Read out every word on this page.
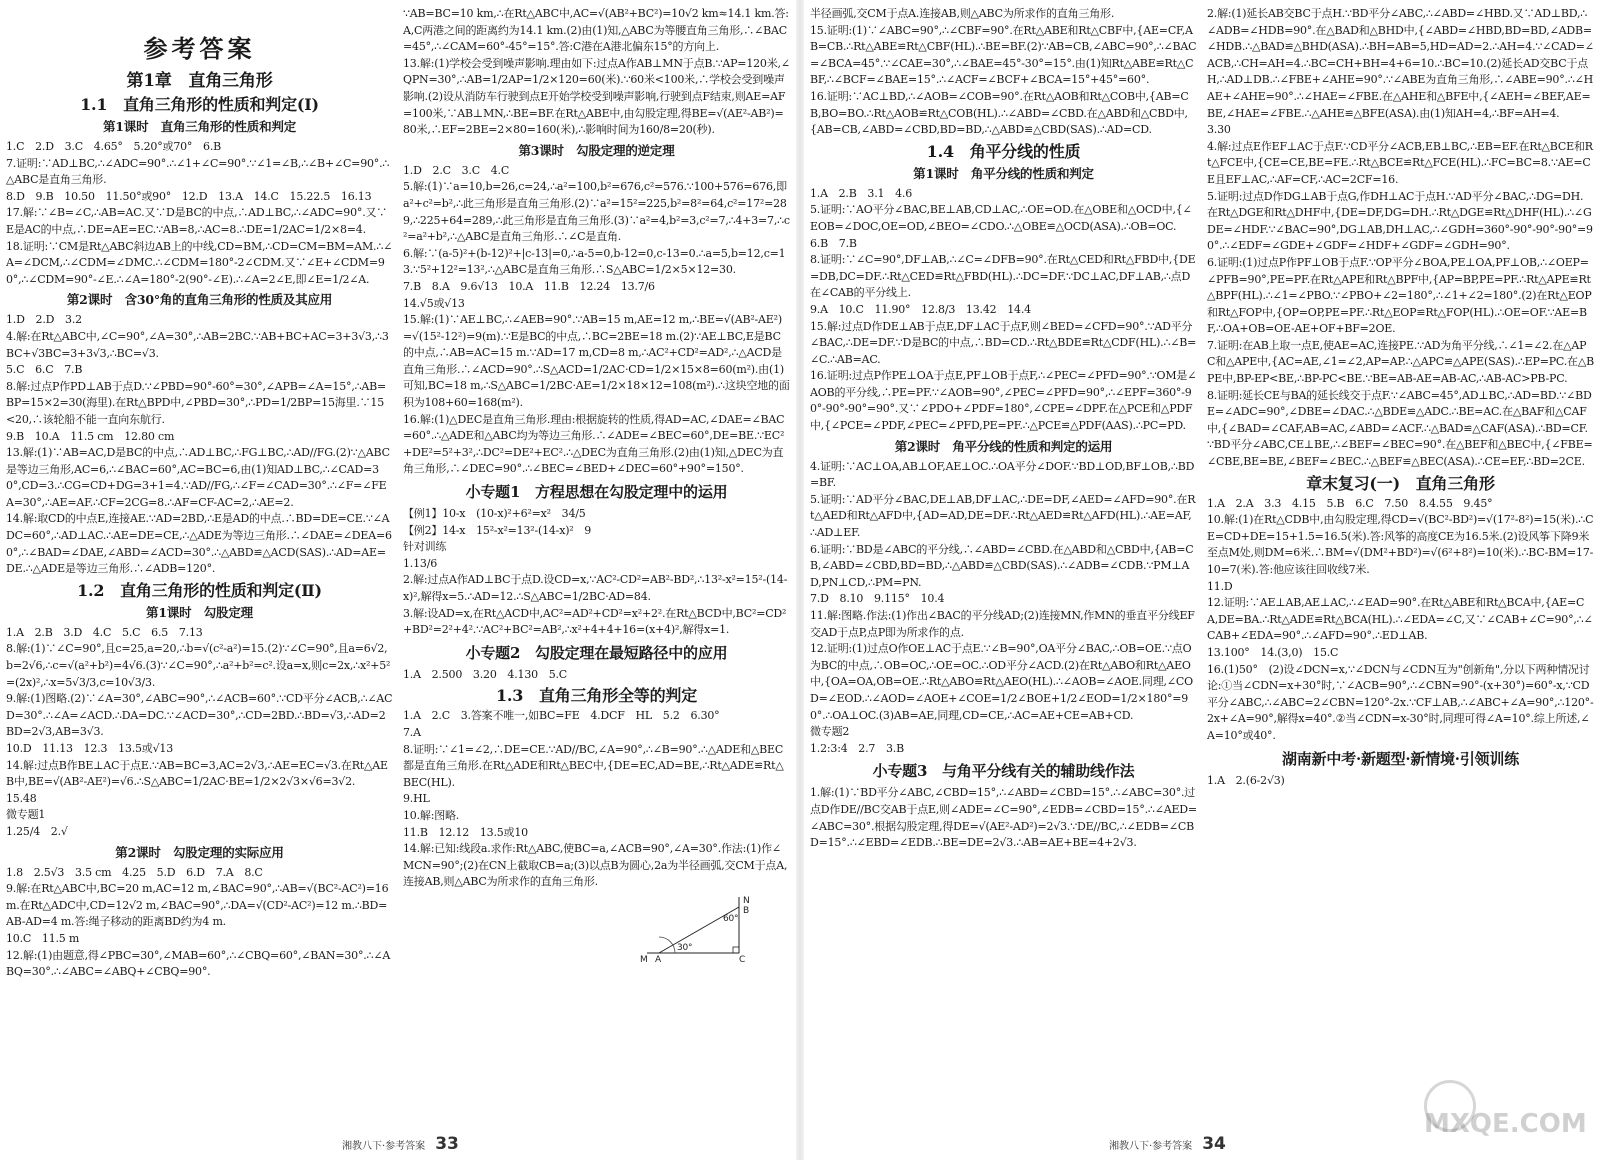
参考答案
第1章　直角三角形
1.1　直角三角形的性质和判定(Ⅰ)
第1课时　直角三角形的性质和判定

1.C　2.D　3.C　4.65°　5.20°或70°　6.B

7.证明:∵AD⊥BC,∴∠ADC=90°.∴∠1+∠C=90°.∵∠1=∠B,∴∠B+∠C=90°.∴△ABC是直角三角形.

8.D　9.B　10.50　11.50°或90°　12.D　13.A　14.C　15.22.5　16.13

17.解:∵∠B=∠C,∴AB=AC.又∵D是BC的中点,∴AD⊥BC,∴∠ADC=90°.又∵E是AC的中点,∴DE=AE=EC.∵AB=8,∴AC=8.∴DE=1/2AC=1/2×8=4.

18.证明:∵CM是Rt△ABC斜边AB上的中线,CD=BM,∴CD=CM=BM=AM.∴∠A=∠DCM,∴∠CDM=∠DMC.∴∠CDM=180°-2∠CDM.又∵∠E+∠CDM=90°,∴∠CDM=90°-∠E.∴∠A=180°-2(90°-∠E).∴∠A=2∠E,即∠E=1/2∠A.

第2课时　含30°角的直角三角形的性质及其应用

1.D　2.D　3.2

4.解:在Rt△ABC中,∠C=90°,∠A=30°,∴AB=2BC.∵AB+BC+AC=3+3√3,∴3BC+√3BC=3+3√3,∴BC=√3.

5.C　6.C　7.B

8.解:过点P作PD⊥AB于点D.∵∠PBD=90°-60°=30°,∠APB=∠A=15°,∴AB=BP=15×2=30(海里).在Rt△BPD中,∠PBD=30°,∴PD=1/2BP=15海里.∵15<20,∴该轮船不能一直向东航行.

9.B　10.A　11.5 cm　12.80 cm

13.解:(1)∵AB=AC,D是BC的中点,∴AD⊥BC,∴FG⊥BC,∴AD//FG.(2)∵△ABC是等边三角形,AC=6,∴∠BAC=60°,AC=BC=6,由(1)知AD⊥BC,∴∠CAD=30°,CD=3.∴CG=CD+DG=3+1=4.∵AD//FG,∴∠F=∠CAD=30°.∴∠F=∠FEA=30°,∴AE=AF.∴CF=2CG=8.∴AF=CF-AC=2,∴AE=2.

14.解:取CD的中点E,连接AE.∵AD=2BD,∴E是AD的中点.∴BD=DE=CE.∵∠ADC=60°,∴AD⊥AC.∴AE=DE=CE,∴△ADE为等边三角形.∴∠DAE=∠DEA=60°,∴∠BAD=∠DAE,∠ABD=∠ACD=30°.∴△ABD≌△ACD(SAS).∴AD=AE=DE.∴△ADE是等边三角形.∴∠ADB=120°.

1.2　直角三角形的性质和判定(Ⅱ)
第1课时　勾股定理

1.A　2.B　3.D　4.C　5.C　6.5　7.13

8.解:(1)∵∠C=90°,且c=25,a=20,∴b=√(c²-a²)=15.(2)∵∠C=90°,且a=6√2,b=2√6,∴c=√(a²+b²)=4√6.(3)∵∠C=90°,∴a²+b²=c².设a=x,则c=2x,∴x²+5²=(2x)²,∴x=5√3/3,c=10√3/3.

9.解:(1)图略.(2)∵∠A=30°,∠ABC=90°,∴∠ACB=60°.∵CD平分∠ACB,∴∠ACD=30°.∴∠A=∠ACD.∴DA=DC.∵∠ACD=30°,∴CD=2BD.∴BD=√3,∴AD=2BD=2√3,AB=3√3.

10.D　11.13　12.3　13.5或√13

14.解:过点B作BE⊥AC于点E.∵AB=BC=3,AC=2√3,∴AE=EC=√3.在Rt△AEB中,BE=√(AB²-AE²)=√6.∴S△ABC=1/2AC·BE=1/2×2√3×√6=3√2.

15.48

微专题1

1.25/4　2.√

第2课时　勾股定理的实际应用

1.8　2.5√3　3.5 cm　4.25　5.D　6.D　7.A　8.C

9.解:在Rt△ABC中,BC=20 m,AC=12 m,∠BAC=90°,∴AB=√(BC²-AC²)=16 m.在Rt△ADC中,CD=12√2 m,∠BAC=90°,∴DA=√(CD²-AC²)=12 m.∴BD=AB-AD=4 m.答:绳子移动的距离BD约为4 m.

10.C　11.5 m

12.解:(1)由题意,得∠PBC=30°,∠MAB=60°,∴∠CBQ=60°,∠BAN=30°.∴∠ABQ=30°.∴∠ABC=∠ABQ+∠CBQ=90°.

∵AB=BC=10 km,∴在Rt△ABC中,AC=√(AB²+BC²)=10√2 km≈14.1 km.答:A,C两港之间的距离约为14.1 km.(2)由(1)知,△ABC为等腰直角三角形,∴∠BAC=45°,∴∠CAM=60°-45°=15°.答:C港在A港北偏东15°的方向上.

13.解:(1)学校会受到噪声影响.理由如下:过点A作AB⊥MN于点B.∵AP=120米,∠QPN=30°,∴AB=1/2AP=1/2×120=60(米).∵60米<100米,∴学校会受到噪声影响.(2)设从消防车行驶到点E开始学校受到噪声影响,行驶到点F结束,则AE=AF=100米,∵AB⊥MN,∴BE=BF.在Rt△ABE中,由勾股定理,得BE=√(AE²-AB²)=80米,∴EF=2BE=2×80=160(米),∴影响时间为160/8=20(秒).

第3课时　勾股定理的逆定理

1.D　2.C　3.C　4.C

5.解:(1)∵a=10,b=26,c=24,∴a²=100,b²=676,c²=576.∵100+576=676,即a²+c²=b²,∴此三角形是直角三角形.(2)∵a²=15²=225,b²=8²=64,c²=17²=289,∴225+64=289,∴此三角形是直角三角形.(3)∵a²=4,b²=3,c²=7,∴4+3=7,∴c²=a²+b²,∴△ABC是直角三角形.∴∠C是直角.

6.解:∵(a-5)²+(b-12)²+|c-13|=0,∴a-5=0,b-12=0,c-13=0.∴a=5,b=12,c=13.∵5²+12²=13²,∴△ABC是直角三角形.∴S△ABC=1/2×5×12=30.

7.B　8.A　9.6√13　10.A　11.B　12.24　13.7/6

14.√5或√13

15.解:(1)∵AE⊥BC,∴∠AEB=90°.∵AB=15 m,AE=12 m,∴BE=√(AB²-AE²)=√(15²-12²)=9(m).∵E是BC的中点,∴BC=2BE=18 m.(2)∵AE⊥BC,E是BC的中点,∴AB=AC=15 m.∵AD=17 m,CD=8 m,∴AC²+CD²=AD²,∴△ACD是直角三角形.∴∠ACD=90°.∴S△ACD=1/2AC·CD=1/2×15×8=60(m²).由(1)可知,BC=18 m,∴S△ABC=1/2BC·AE=1/2×18×12=108(m²).∴这块空地的面积为108+60=168(m²).

16.解:(1)△DEC是直角三角形.理由:根据旋转的性质,得AD=AC,∠DAE=∠BAC=60°.∴△ADE和△ABC均为等边三角形.∴∠ADE=∠BEC=60°,DE=BE.∵EC²+DE²=5²+3²,∴DC²=DE²+EC².∴△DEC为直角三角形.(2)由(1)知,△DEC为直角三角形,∴∠DEC=90°.∴∠BEC=∠BED+∠DEC=60°+90°=150°.

小专题1　方程思想在勾股定理中的运用

【例1】10-x　(10-x)²+6²=x²　34/5

【例2】14-x　15²-x²=13²-(14-x)²　9

针对训练

1.13/6

2.解:过点A作AD⊥BC于点D.设CD=x,∵AC²-CD²=AB²-BD²,∴13²-x²=15²-(14-x)²,解得x=5.∴AD=12.∴S△ABC=1/2BC·AD=84.

3.解:设AD=x,在Rt△ACD中,AC²=AD²+CD²=x²+2².在Rt△BCD中,BC²=CD²+BD²=2²+4².∵AC²+BC²=AB²,∴x²+4+4+16=(x+4)²,解得x=1.

小专题2　勾股定理在最短路径中的应用

1.A　2.500　3.20　4.130　5.C

1.3　直角三角形全等的判定

1.A　2.C　3.答案不唯一,如BC=FE　4.DCF　HL　5.2　6.30°

7.A

8.证明:∵∠1=∠2,∴DE=CE.∵AD//BC,∠A=90°,∴∠B=90°.∴△ADE和△BEC都是直角三角形.在Rt△ADE和Rt△BEC中,{DE=EC,AD=BE,∴Rt△ADE≌Rt△BEC(HL).

9.HL

10.解:图略.

11.B　12.12　13.5或10

14.解:已知:线段a.求作:Rt△ABC,使BC=a,∠ACB=90°,∠A=30°.作法:(1)作∠MCN=90°;(2)在CN上截取CB=a;(3)以点B为圆心,2a为半径画弧,交CM于点A,连接AB,则△ABC为所求作的直角三角形.

30°
60°
M A	C
N
B
湘教八下·参考答案 33

半径画弧,交CM于点A.连接AB,则△ABC为所求作的直角三角形.

15.证明:(1)∵∠ABC=90°,∴∠CBF=90°.在Rt△ABE和Rt△CBF中,{AE=CF,AB=CB.∴Rt△ABE≌Rt△CBF(HL).∴BE=BF.(2)∵AB=CB,∠ABC=90°,∴∠BAC=∠BCA=45°.∵∠CAE=30°,∴∠BAE=45°-30°=15°.由(1)知Rt△ABE≌Rt△CBF,∴∠BCF=∠BAE=15°.∴∠ACF=∠BCF+∠BCA=15°+45°=60°.

16.证明:∵AC⊥BD,∴∠AOB=∠COB=90°.在Rt△AOB和Rt△COB中,{AB=CB,BO=BO.∴Rt△AOB≌Rt△COB(HL).∴∠ABD=∠CBD.在△ABD和△CBD中,{AB=CB,∠ABD=∠CBD,BD=BD,∴△ABD≌△CBD(SAS).∴AD=CD.

1.4　角平分线的性质
第1课时　角平分线的性质和判定

1.A　2.B　3.1　4.6

5.证明:∵AO平分∠BAC,BE⊥AB,CD⊥AC,∴OE=OD.在△OBE和△OCD中,{∠EOB=∠DOC,OE=OD,∠BEO=∠CDO.∴△OBE≌△OCD(ASA).∴OB=OC.

6.B　7.B

8.证明:∵∠C=90°,DF⊥AB,∴∠C=∠DFB=90°.在Rt△CED和Rt△FBD中,{DE=DB,DC=DF.∴Rt△CED≌Rt△FBD(HL).∴DC=DF.∵DC⊥AC,DF⊥AB,∴点D在∠CAB的平分线上.

9.A　10.C　11.90°　12.8/3　13.42　14.4

15.解:过点D作DE⊥AB于点E,DF⊥AC于点F,则∠BED=∠CFD=90°.∵AD平分∠BAC,∴DE=DF.∵D是BC的中点,∴BD=CD.∴Rt△BDE≌Rt△CDF(HL).∴∠B=∠C.∴AB=AC.

16.证明:过点P作PE⊥OA于点E,PF⊥OB于点F,∴∠PEC=∠PFD=90°.∵OM是∠AOB的平分线,∴PE=PF.∵∠AOB=90°,∠PEC=∠PFD=90°,∴∠EPF=360°-90°-90°-90°=90°.又∵∠PDO+∠PDF=180°,∠CPE=∠DPF.在△PCE和△PDF中,{∠PCE=∠PDF,∠PEC=∠PFD,PE=PF.∴△PCE≌△PDF(AAS).∴PC=PD.

第2课时　角平分线的性质和判定的运用

4.证明:∵AC⊥OA,AB⊥OF,AE⊥OC.∴OA平分∠DOF.∵BD⊥OD,BF⊥OB,∴BD=BF.

5.证明:∵AD平分∠BAC,DE⊥AB,DF⊥AC,∴DE=DF,∠AED=∠AFD=90°.在Rt△AED和Rt△AFD中,{AD=AD,DE=DF.∴Rt△AED≌Rt△AFD(HL).∴AE=AF,∴AD⊥EF.

6.证明:∵BD是∠ABC的平分线,∴∠ABD=∠CBD.在△ABD和△CBD中,{AB=CB,∠ABD=∠CBD,BD=BD,∴△ABD≌△CBD(SAS).∴∠ADB=∠CDB.∵PM⊥AD,PN⊥CD,∴PM=PN.

7.D　8.10　9.115°　10.4

11.解:图略.作法:(1)作出∠BAC的平分线AD;(2)连接MN,作MN的垂直平分线EF交AD于点P,点P即为所求作的点.

12.证明:(1)过点O作OE⊥AC于点E.∵∠B=90°,OA平分∠BAC,∴OB=OE.∵点O为BC的中点,∴OB=OC,∴OE=OC.∴OD平分∠ACD.(2)在Rt△ABO和Rt△AEO中,{OA=OA,OB=OE.∴Rt△ABO≌Rt△AEO(HL).∴∠AOB=∠AOE.同理,∠COD=∠EOD.∴∠AOD=∠AOE+∠COE=1/2∠BOE+1/2∠EOD=1/2×180°=90°.∴OA⊥OC.(3)AB=AE,同理,CD=CE,∴AC=AE+CE=AB+CD.

微专题2

1.2:3:4　2.7　3.B

小专题3　与角平分线有关的辅助线作法

1.解:(1)∵BD平分∠ABC,∠CBD=15°,∴∠ABD=∠CBD=15°.∴∠ABC=30°.过点D作DE//BC交AB于点E,则∠ADE=∠C=90°,∠EDB=∠CBD=15°.∴∠AED=∠ABC=30°.根据勾股定理,得DE=√(AE²-AD²)=2√3.∵DE//BC,∴∠EDB=∠CBD=15°.∴∠EBD=∠EDB.∴BE=DE=2√3.∴AB=AE+BE=4+2√3.

2.解:(1)延长AB交BC于点H.∵BD平分∠ABC,∴∠ABD=∠HBD.又∵AD⊥BD,∴∠ADB=∠HDB=90°.在△BAD和△BHD中,{∠ABD=∠HBD,BD=BD,∠ADB=∠HDB.∴△BAD≌△BHD(ASA).∴BH=AB=5,HD=AD=2.∴AH=4.∵∠CAD=∠ACB,∴CH=AH=4.∴BC=CH+BH=4+6=10.∴BC=10.(2)延长AD交BC于点H,∴AD⊥DB.∴∠FBE+∠AHE=90°.∵∠ABE为直角三角形,∴∠ABE=90°.∴∠HAE+∠AHE=90°.∴∠HAE=∠FBE.在△AHE和△BFE中,{∠AEH=∠BEF,AE=BE,∠HAE=∠FBE.∴△AHE≌△BFE(ASA).由(1)知AH=4,∴BF=AH=4.

3.30

4.解:过点E作EF⊥AC于点F.∵CD平分∠ACB,EB⊥BC,∴EB=EF.在Rt△BCE和Rt△FCE中,{CE=CE,BE=FE.∴Rt△BCE≌Rt△FCE(HL).∴FC=BC=8.∵AE=CE且EF⊥AC,∴AF=CF,∴AC=2CF=16.

5.证明:过点D作DG⊥AB于点G,作DH⊥AC于点H.∵AD平分∠BAC,∴DG=DH.在Rt△DGE和Rt△DHF中,{DE=DF,DG=DH.∴Rt△DGE≌Rt△DHF(HL).∴∠GDE=∠HDF.∵∠BAC=90°,DG⊥AB,DH⊥AC,∴∠GDH=360°-90°-90°-90°=90°.∴∠EDF=∠GDE+∠GDF=∠HDF+∠GDF=∠GDH=90°.

6.证明:(1)过点P作PF⊥OB于点F.∵OP平分∠BOA,PE⊥OA,PF⊥OB,∴∠OEP=∠PFB=90°,PE=PF.在Rt△APE和Rt△BPF中,{AP=BP,PE=PF.∴Rt△APE≌Rt△BPF(HL).∴∠1=∠PBO.∵∠PBO+∠2=180°,∴∠1+∠2=180°.(2)在Rt△EOP和Rt△FOP中,{OP=OP,PE=PF.∴Rt△EOP≌Rt△FOP(HL).∴OE=OF.∵AE=BF,∴OA+OB=OE-AE+OF+BF=2OE.

7.证明:在AB上取一点E,使AE=AC,连接PE.∵AD为角平分线,∴∠1=∠2.在△APC和△APE中,{AC=AE,∠1=∠2,AP=AP.∴△APC≌△APE(SAS).∴EP=PC.在△BPE中,BP-EP<BE,∴BP-PC<BE.∵BE=AB-AE=AB-AC,∴AB-AC>PB-PC.

8.证明:延长CE与BA的延长线交于点F.∵∠ABC=45°,AD⊥BC,∴AD=BD.∵∠BDE=∠ADC=90°,∠DBE=∠DAC.∴△BDE≌△ADC.∴BE=AC.在△BAF和△CAF中,{∠BAD=∠CAF,AB=AC,∠ABD=∠ACF.∴△BAD≌△CAF(ASA).∴BD=CF.∵BD平分∠ABC,CE⊥BE,∴∠BEF=∠BEC=90°.在△BEF和△BEC中,{∠FBE=∠CBE,BE=BE,∠BEF=∠BEC.∴△BEF≌△BEC(ASA).∴CE=EF,∴BD=2CE.

章末复习(一)　直角三角形

1.A　2.A　3.3　4.15　5.B　6.C　7.50　8.4.55　9.45°

10.解:(1)在Rt△CDB中,由勾股定理,得CD=√(BC²-BD²)=√(17²-8²)=15(米).∴CE=CD+DE=15+1.5=16.5(米).答:风筝的高度CE为16.5米.(2)设风筝下降9米至点M处,则DM=6米.∴BM=√(DM²+BD²)=√(6²+8²)=10(米).∴BC-BM=17-10=7(米).答:他应该往回收线7米.

11.D

12.证明:∵AE⊥AB,AE⊥AC,∴∠EAD=90°.在Rt△ABE和Rt△BCA中,{AE=CA,DE=BA.∴Rt△ADE≌Rt△BCA(HL).∴∠EDA=∠C,又∵∠CAB+∠C=90°,∴∠CAB+∠EDA=90°.∴∠AFD=90°.∴ED⊥AB.

13.100°　14.(3,0)　15.C

16.(1)50°　(2)设∠DCN=x,∵∠DCN与∠CDN互为"创新角",分以下两种情况讨论:①当∠CDN=x+30°时,∵∠ACB=90°,∴∠CBN=90°-(x+30°)=60°-x,∵CD平分∠ABC,∴∠ABC=2∠CBN=120°-2x.∵CF⊥AB,∴∠ABC+∠A=90°,∴120°-2x+∠A=90°,解得x=40°.②当∠CDN=x-30°时,同理可得∠A=10°.综上所述,∠A=10°或40°.

湖南新中考·新题型·新情境·引领训练

1.A　2.(6-2√3)

湘教八下·参考答案 34
MXQE.COM
